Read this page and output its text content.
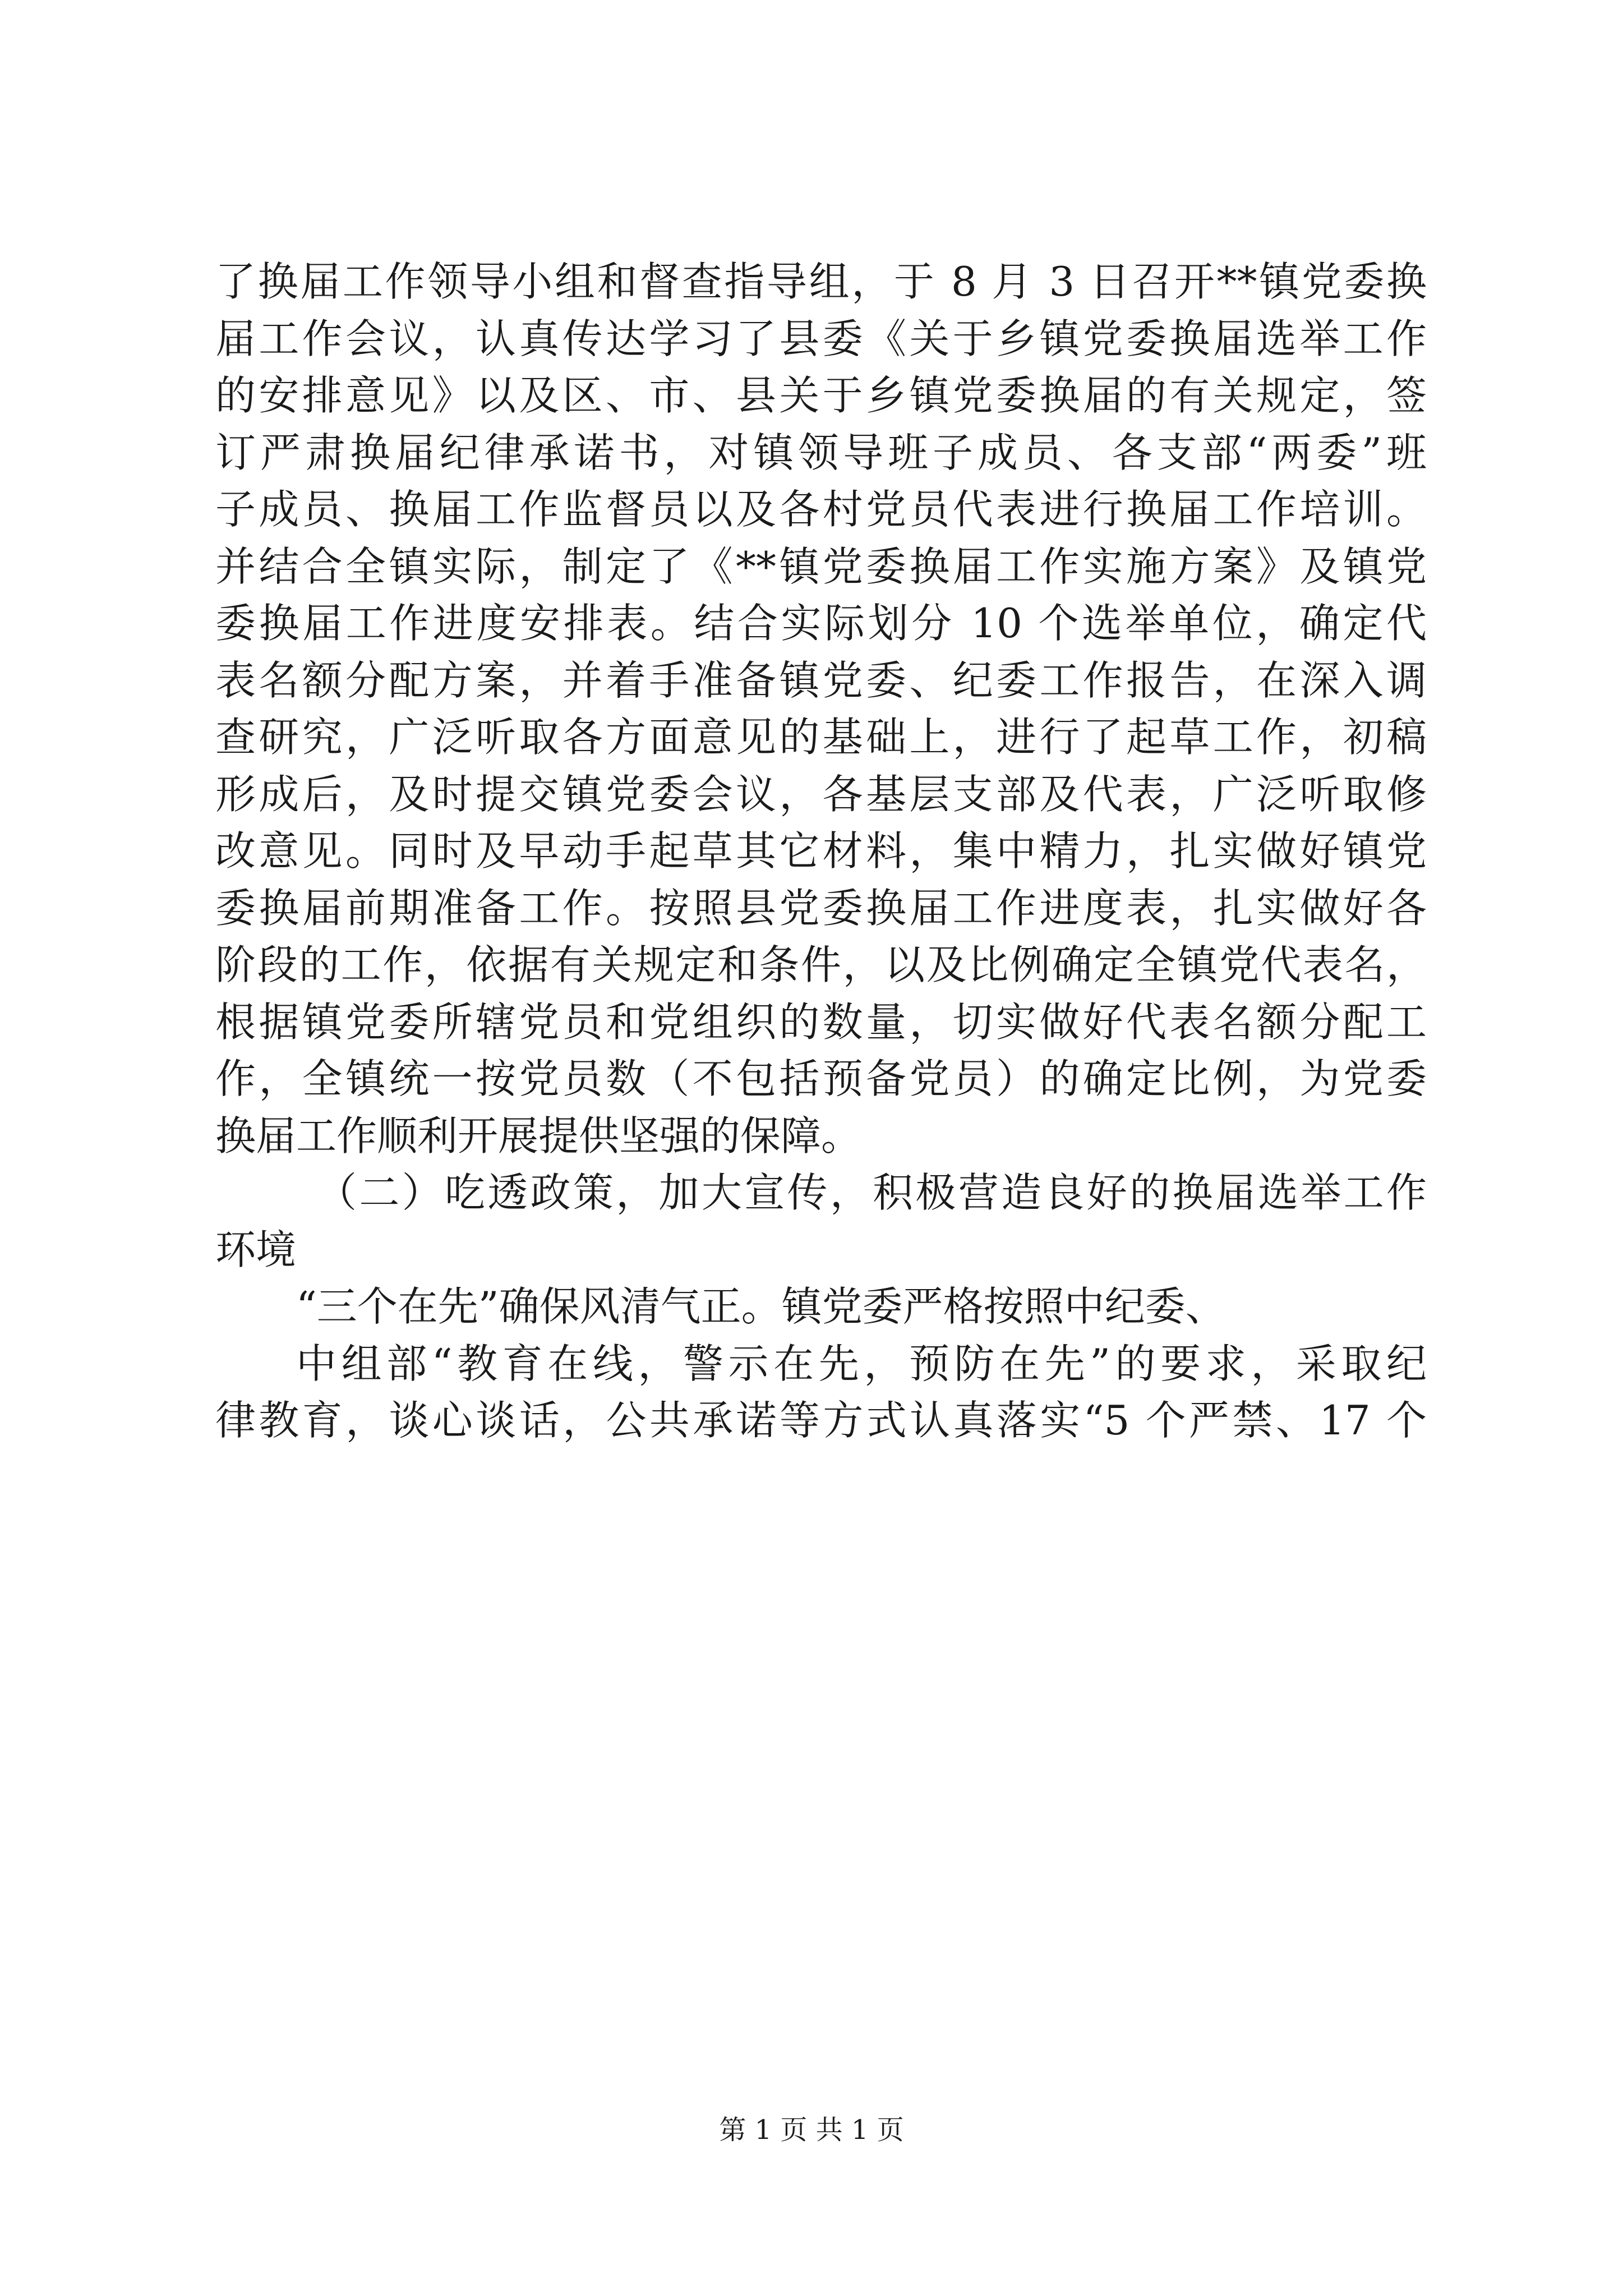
了换届工作领导小组和督查指导组，于 8 月 3 日召开**镇党委换
届工作会议，认真传达学习了县委《关于乡镇党委换届选举工作
的安排意见》以及区、市、县关于乡镇党委换届的有关规定，签
订严肃换届纪律承诺书，对镇领导班子成员、各支部“两委”班
子成员、换届工作监督员以及各村党员代表进行换届工作培训。
并结合全镇实际，制定了《**镇党委换届工作实施方案》及镇党
委换届工作进度安排表。结合实际划分 10 个选举单位，确定代
表名额分配方案，并着手准备镇党委、纪委工作报告，在深入调
查研究，广泛听取各方面意见的基础上，进行了起草工作，初稿
形成后，及时提交镇党委会议，各基层支部及代表，广泛听取修
改意见。同时及早动手起草其它材料，集中精力，扎实做好镇党
委换届前期准备工作。按照县党委换届工作进度表，扎实做好各
阶段的工作，依据有关规定和条件，以及比例确定全镇党代表名，
根据镇党委所辖党员和党组织的数量，切实做好代表名额分配工
作，全镇统一按党员数（不包括预备党员）的确定比例，为党委
换届工作顺利开展提供坚强的保障。
（二）吃透政策，加大宣传，积极营造良好的换届选举工作
环境
“三个在先”确保风清气正。镇党委严格按照中纪委、
中组部“教育在线，警示在先，预防在先”的要求，采取纪
律教育，谈心谈话，公共承诺等方式认真落实“5 个严禁、17 个
第 1 页 共 1 页
